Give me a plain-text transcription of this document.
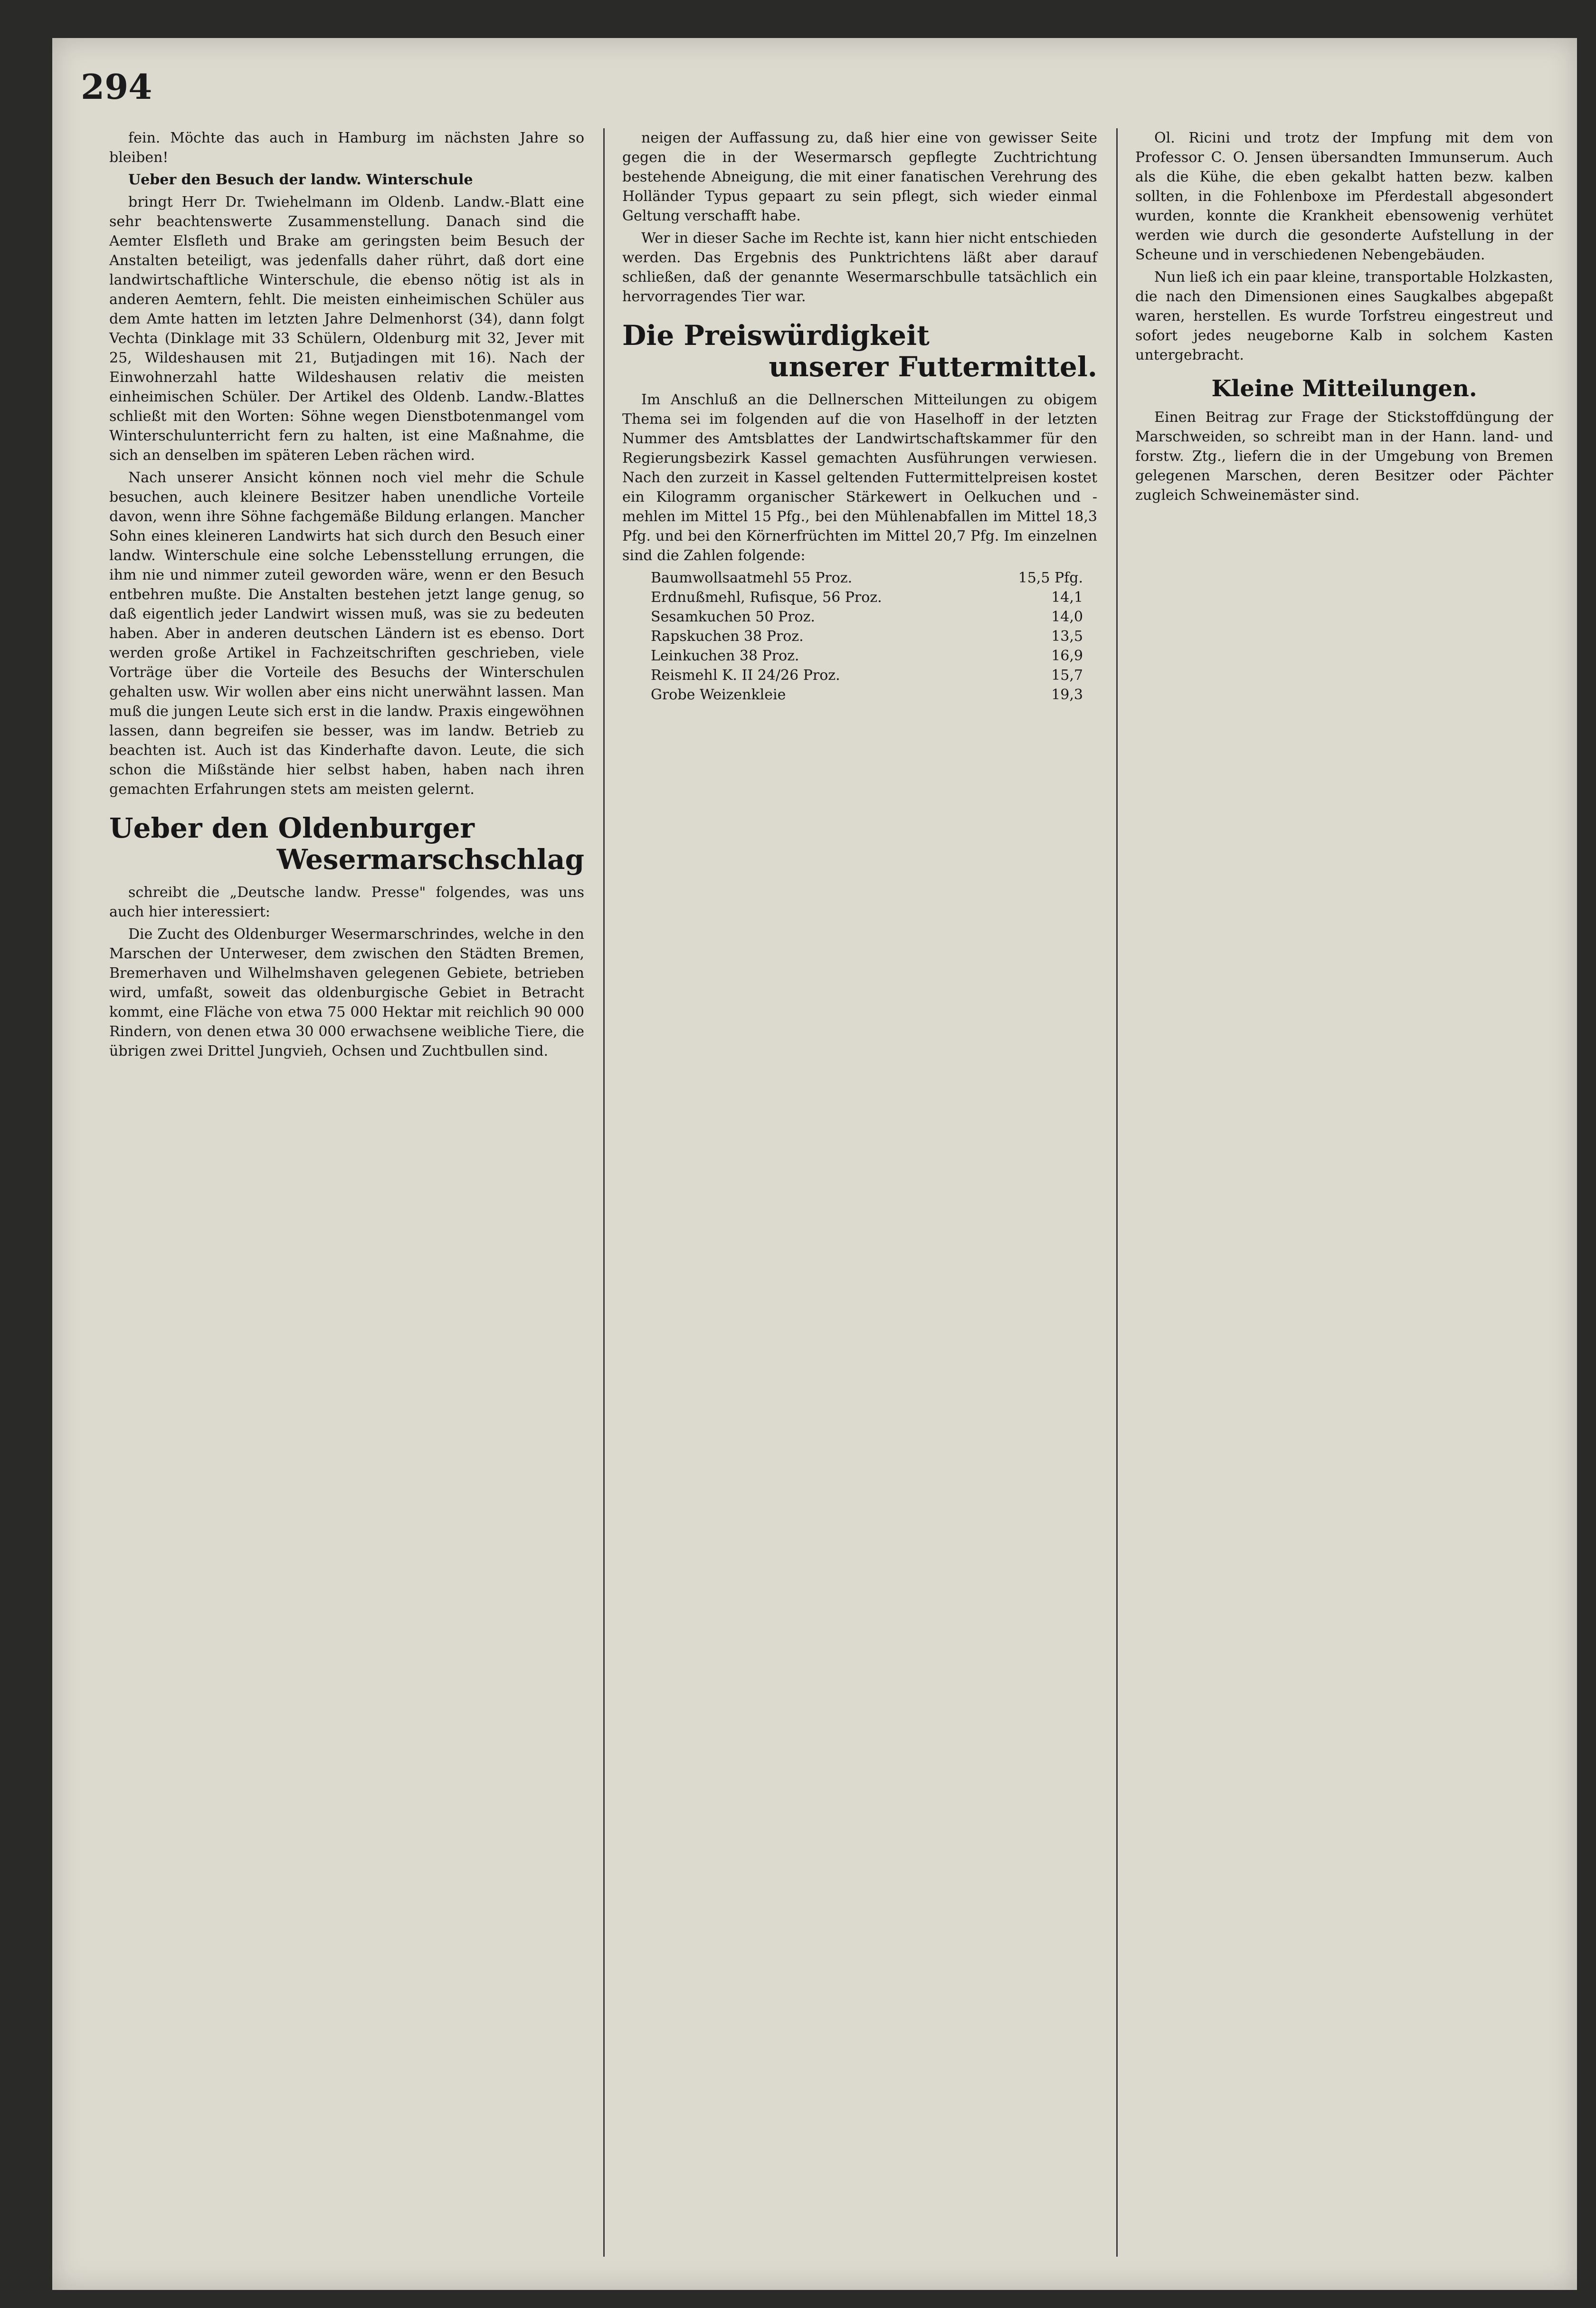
294

fein. Möchte das auch in Hamburg im nächsten Jahre so bleiben!

Ueber den Besuch der landw. Winterschule

bringt Herr Dr. Twiehelmann im Oldenb. Landw.-Blatt eine sehr beachtenswerte Zusammenstellung. Danach sind die Aemter Elsfleth und Brake am geringsten beim Besuch der Anstalten beteiligt, was jedenfalls daher rührt, daß dort eine landwirtschaftliche Winterschule, die ebenso nötig ist als in anderen Aemtern, fehlt. Die meisten einheimischen Schüler aus dem Amte hatten im letzten Jahre Delmenhorst (34), dann folgt Vechta (Dinklage mit 33 Schülern, Oldenburg mit 32, Jever mit 25, Wildeshausen mit 21, Butjadingen mit 16). Nach der Einwohnerzahl hatte Wildeshausen relativ die meisten einheimischen Schüler. Der Artikel des Oldenb. Landw.-Blattes schließt mit den Worten: Söhne wegen Dienstbotenmangel vom Winterschulunterricht fern zu halten, ist eine Maßnahme, die sich an denselben im späteren Leben rächen wird.

Nach unserer Ansicht können noch viel mehr die Schule besuchen, auch kleinere Besitzer haben unendliche Vorteile davon, wenn ihre Söhne fachgemäße Bildung erlangen. Mancher Sohn eines kleineren Landwirts hat sich durch den Besuch einer landw. Winterschule eine solche Lebensstellung errungen, die ihm nie und nimmer zuteil geworden wäre, wenn er den Besuch entbehren mußte. Die Anstalten bestehen jetzt lange genug, so daß eigentlich jeder Landwirt wissen muß, was sie zu bedeuten haben. Aber in anderen deutschen Ländern ist es ebenso. Dort werden große Artikel in Fachzeitschriften geschrieben, viele Vorträge über die Vorteile des Besuchs der Winterschulen gehalten usw. Wir wollen aber eins nicht unerwähnt lassen. Man muß die jungen Leute sich erst in die landw. Praxis eingewöhnen lassen, dann begreifen sie besser, was im landw. Betrieb zu beachten ist. Auch ist das Kinderhafte davon. Leute, die sich schon die Mißstände hier selbst haben, haben nach ihren gemachten Erfahrungen stets am meisten gelernt.

Ueber den Oldenburger
Wesermarschschlag

schreibt die „Deutsche landw. Presse" folgendes, was uns auch hier interessiert:

Die Zucht des Oldenburger Wesermarschrindes, welche in den Marschen der Unterweser, dem zwischen den Städten Bremen, Bremerhaven und Wilhelmshaven gelegenen Gebiete, betrieben wird, umfaßt, soweit das oldenburgische Gebiet in Betracht kommt, eine Fläche von etwa 75 000 Hektar mit reichlich 90 000 Rindern, von denen etwa 30 000 erwachsene weibliche Tiere, die übrigen zwei Drittel Jungvieh, Ochsen und Zuchtbullen sind.

neigen der Auffassung zu, daß hier eine von gewisser Seite gegen die in der Wesermarsch gepflegte Zuchtrichtung bestehende Abneigung, die mit einer fanatischen Verehrung des Holländer Typus gepaart zu sein pflegt, sich wieder einmal Geltung verschafft habe.

Wer in dieser Sache im Rechte ist, kann hier nicht entschieden werden. Das Ergebnis des Punktrichtens läßt aber darauf schließen, daß der genannte Wesermarschbulle tatsächlich ein hervorragendes Tier war.

Die Preiswürdigkeit
unserer Futtermittel.

Im Anschluß an die Dellnerschen Mitteilungen zu obigem Thema sei im folgenden auf die von Haselhoff in der letzten Nummer des Amtsblattes der Landwirtschaftskammer für den Regierungsbezirk Kassel gemachten Ausführungen verwiesen. Nach den zurzeit in Kassel geltenden Futtermittelpreisen kostet ein Kilogramm organischer Stärkewert in Oelkuchen und -mehlen im Mittel 15 Pfg., bei den Mühlenabfallen im Mittel 18,3 Pfg. und bei den Körnerfrüchten im Mittel 20,7 Pfg. Im einzelnen sind die Zahlen folgende:

Baumwollsaatmehl 55 Proz.	15,5 Pfg.
Erdnußmehl, Rufisque, 56 Proz.	14,1
Sesamkuchen 50 Proz.	14,0
Rapskuchen 38 Proz.	13,5
Leinkuchen 38 Proz.	16,9
Reismehl K. II 24/26 Proz.	15,7
Grobe Weizenkleie	19,3

Ol. Ricini und trotz der Impfung mit dem von Professor C. O. Jensen übersandten Immunserum. Auch als die Kühe, die eben gekalbt hatten bezw. kalben sollten, in die Fohlenboxe im Pferdestall abgesondert wurden, konnte die Krankheit ebensowenig verhütet werden wie durch die gesonderte Aufstellung in der Scheune und in verschiedenen Nebengebäuden.

Nun ließ ich ein paar kleine, transportable Holzkasten, die nach den Dimensionen eines Saugkalbes abgepaßt waren, herstellen. Es wurde Torfstreu eingestreut und sofort jedes neugeborne Kalb in solchem Kasten untergebracht.

Kleine Mitteilungen.

Einen Beitrag zur Frage der Stickstoffdüngung der Marschweiden, so schreibt man in der Hann. land- und forstw. Ztg., liefern die in der Umgebung von Bremen gelegenen Marschen, deren Besitzer oder Pächter zugleich Schweinemäster sind.
